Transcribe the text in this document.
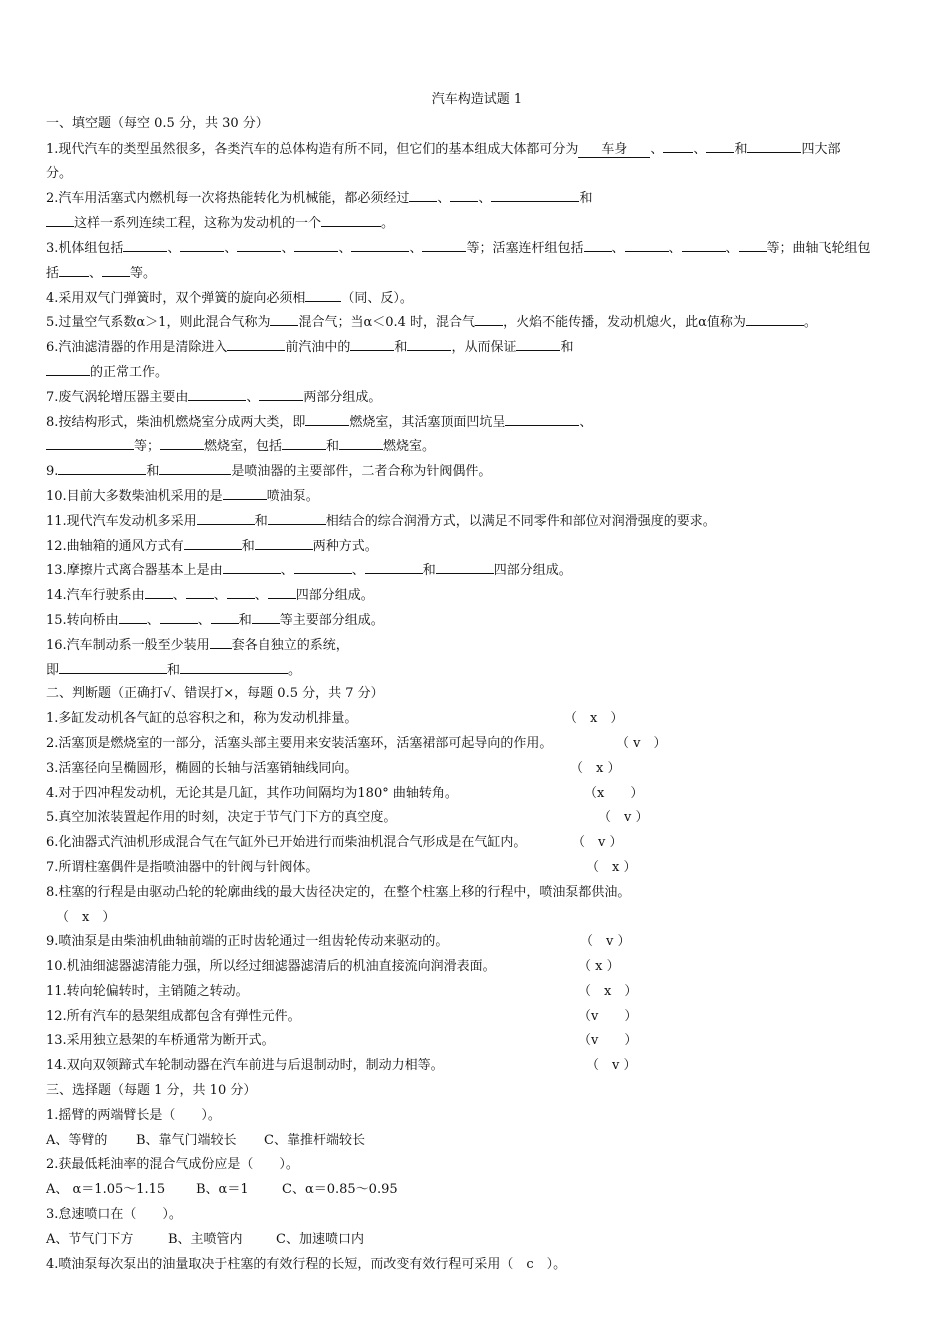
汽车构造试题 1
一、填空题（每空 0.5 分，共 30 分）
1.现代汽车的类型虽然很多，各类汽车的总体构造有所不同，但它们的基本组成大体都可分为 车身 、 、 和	四大部
分。
2.汽车用活塞式内燃机每一次将热能转化为机械能，都必须经过 、 、	和
这样一系列连续工程，这称为发动机的一个	。
3.机体组包括	、	、	、	、	、	等；活塞连杆组包括 、	、	、 等；曲轴飞轮组包
括 、 等。
4.采用双气门弹簧时，双个弹簧的旋向必须相	（同、反）。
5.过量空气系数α＞1，则此混合气称为 混合气；当α＜0.4 时，混合气 ，火焰不能传播，发动机熄火，此α值称为	。
6.汽油滤清器的作用是清除进入	前汽油中的	和	，从而保证	和
的正常工作。
7.废气涡轮增压器主要由	、	两部分组成。
8.按结构形式，柴油机燃烧室分成两大类，即	燃烧室，其活塞顶面凹坑呈	、
等；	燃烧室，包括	和	燃烧室。
9.	和	是喷油器的主要部件，二者合称为针阀偶件。
10.目前大多数柴油机采用的是	喷油泵。
11.现代汽车发动机多采用	和	相结合的综合润滑方式，以满足不同零件和部位对润滑强度的要求。
12.曲轴箱的通风方式有	和	两种方式。
13.摩擦片式离合器基本上是由	、	、	和	四部分组成。
14.汽车行驶系由 、 、 、 四部分组成。
15.转向桥由 、	、 和 等主要部分组成。
16.汽车制动系一般至少装用 套各自独立的系统，
即	和	。
二、判断题（正确打√、错误打×，每题 0.5 分，共 7 分）
1.多缸发动机各气缸的总容积之和，称为发动机排量。	（　x　）
2.活塞顶是燃烧室的一部分，活塞头部主要用来安装活塞环，活塞裙部可起导向的作用。	（ v　）
3.活塞径向呈椭圆形，椭圆的长轴与活塞销轴线同向。	（　x ）
4.对于四冲程发动机，无论其是几缸，其作功间隔均为180° 曲轴转角。	（x　　）
5.真空加浓装置起作用的时刻，决定于节气门下方的真空度。	（　v ）
6.化油器式汽油机形成混合气在气缸外已开始进行而柴油机混合气形成是在气缸内。	（　v ）
7.所谓柱塞偶件是指喷油器中的针阀与针阀体。	（　x ）
8.柱塞的行程是由驱动凸轮的轮廓曲线的最大齿径决定的，在整个柱塞上移的行程中，喷油泵都供油。
（　x　）
9.喷油泵是由柴油机曲轴前端的正时齿轮通过一组齿轮传动来驱动的。	（　v ）
10.机油细滤器滤清能力强，所以经过细滤器滤清后的机油直接流向润滑表面。	（ x ）
11.转向轮偏转时，主销随之转动。	（　x　）
12.所有汽车的悬架组成都包含有弹性元件。	（v　　）
13.采用独立悬架的车桥通常为断开式。	（v　　）
14.双向双领蹄式车轮制动器在汽车前进与后退制动时，制动力相等。	（　v ）
三、选择题（每题 1 分，共 10 分）
1.摇臂的两端臂长是（　　）。
A、等臂的 B、靠气门端较长 C、靠推杆端较长
2.获最低耗油率的混合气成份应是（　　）。
A、 α＝1.05～1.15 B、α＝1	C、α＝0.85～0.95
3.怠速喷口在（　　）。
A、节气门下方	B、主喷管内	C、加速喷口内
4.喷油泵每次泵出的油量取决于柱塞的有效行程的长短，而改变有效行程可采用（　c　）。
